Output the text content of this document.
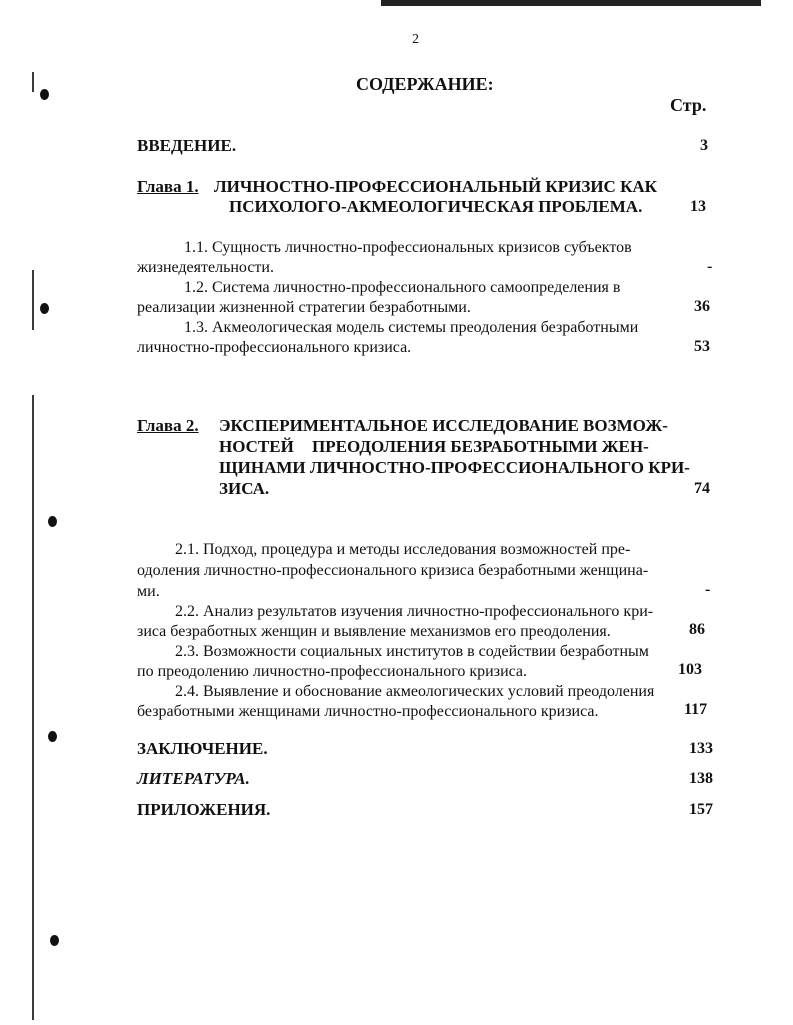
2
СОДЕРЖАНИЕ:
Стр.
ВВЕДЕНИЕ.	3
Глава 1. ЛИЧНОСТНО-ПРОФЕССИОНАЛЬНЫЙ КРИЗИС КАК
ПСИХОЛОГО-АКМЕОЛОГИЧЕСКАЯ ПРОБЛЕМА.	13
1.1. Сущность личностно-профессиональных кризисов субъектов
жизнедеятельности.	-
1.2. Система личностно-профессионального самоопределения в
реализации жизненной стратегии безработными.	36
1.3. Акмеологическая модель системы преодоления безработными
личностно-профессионального кризиса.	53
Глава 2. ЭКСПЕРИМЕНТАЛЬНОЕ ИССЛЕДОВАНИЕ ВОЗМОЖ-
НОСТЕЙ ПРЕОДОЛЕНИЯ БЕЗРАБОТНЫМИ ЖЕН-
ЩИНАМИ ЛИЧНОСТНО-ПРОФЕССИОНАЛЬНОГО КРИ-
ЗИСА.	74
2.1. Подход, процедура и методы исследования возможностей пре-
одоления личностно-профессионального кризиса безработными женщина-
ми.	-
2.2. Анализ результатов изучения личностно-профессионального кри-
зиса безработных женщин и выявление механизмов его преодоления.	86
2.3. Возможности социальных институтов в содействии безработным
по преодолению личностно-профессионального кризиса.	103
2.4. Выявление и обоснование акмеологических условий преодоления
безработными женщинами личностно-профессионального кризиса.	117
ЗАКЛЮЧЕНИЕ.	133
ЛИТЕРАТУРА.	138
ПРИЛОЖЕНИЯ.	157
